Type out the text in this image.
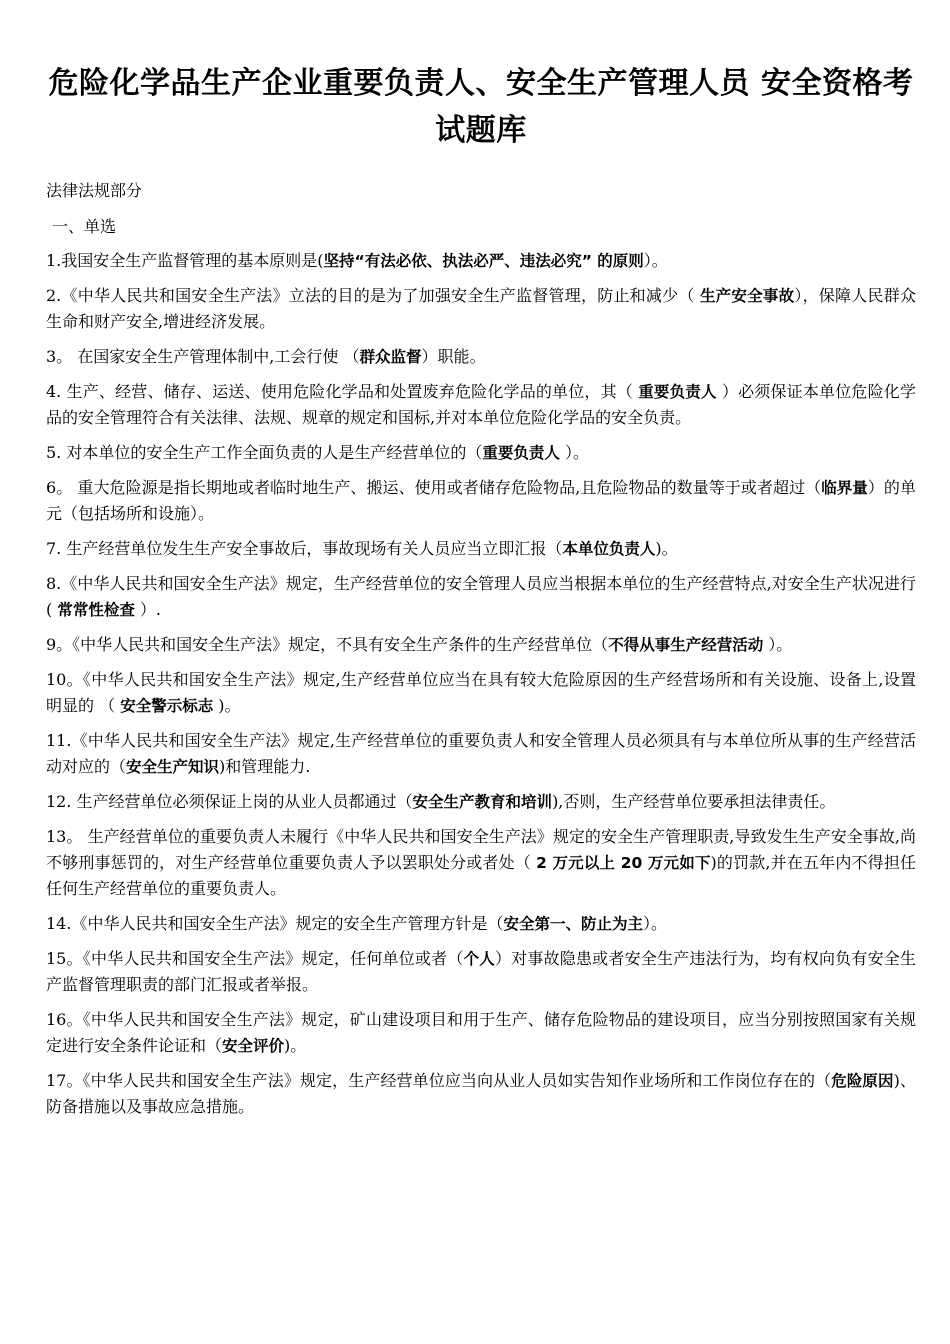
危险化学品生产企业重要负责人、安全生产管理人员 安全资格考试题库
法律法规部分
一、单选

1.我国安全生产监督管理的基本原则是(坚持“有法必依、执法必严、违法必究” 的原则）。

2.《中华人民共和国安全生产法》立法的目的是为了加强安全生产监督管理，防止和减少（ 生产安全事故），保障人民群众生命和财产安全,增进经济发展。

3。 在国家安全生产管理体制中,工会行使 （群众监督）职能。

4. 生产、经营、储存、运送、使用危险化学品和处置废弃危险化学品的单位，其（ 重要负责人 ）必须保证本单位危险化学品的安全管理符合有关法律、法规、规章的规定和国标,并对本单位危险化学品的安全负责。

5. 对本单位的安全生产工作全面负责的人是生产经营单位的（重要负责人 ）。

6。 重大危险源是指长期地或者临时地生产、搬运、使用或者储存危险物品,且危险物品的数量等于或者超过（临界量）的单元（包括场所和设施）。

7. 生产经营单位发生生产安全事故后，事故现场有关人员应当立即汇报（本单位负责人)。

8.《中华人民共和国安全生产法》规定，生产经营单位的安全管理人员应当根据本单位的生产经营特点,对安全生产状况进行( 常常性检查 ）.

9。《中华人民共和国安全生产法》规定，不具有安全生产条件的生产经营单位（不得从事生产经营活动 ）。

10。《中华人民共和国安全生产法》规定,生产经营单位应当在具有较大危险原因的生产经营场所和有关设施、设备上,设置明显的 （ 安全警示标志 )。

11.《中华人民共和国安全生产法》规定,生产经营单位的重要负责人和安全管理人员必须具有与本单位所从事的生产经营活动对应的（安全生产知识)和管理能力.

12. 生产经营单位必须保证上岗的从业人员都通过（安全生产教育和培训),否则，生产经营单位要承担法律责任。

13。 生产经营单位的重要负责人未履行《中华人民共和国安全生产法》规定的安全生产管理职责,导致发生生产安全事故,尚不够刑事惩罚的，对生产经营单位重要负责人予以罢职处分或者处（ 2 万元以上 20 万元如下)的罚款,并在五年内不得担任任何生产经营单位的重要负责人。

14.《中华人民共和国安全生产法》规定的安全生产管理方针是（安全第一、防止为主）。

15。《中华人民共和国安全生产法》规定，任何单位或者（个人）对事故隐患或者安全生产违法行为，均有权向负有安全生产监督管理职责的部门汇报或者举报。

16。《中华人民共和国安全生产法》规定，矿山建设项目和用于生产、储存危险物品的建设项目，应当分别按照国家有关规定进行安全条件论证和（安全评价)。

17。《中华人民共和国安全生产法》规定，生产经营单位应当向从业人员如实告知作业场所和工作岗位存在的（危险原因)、防备措施以及事故应急措施。
